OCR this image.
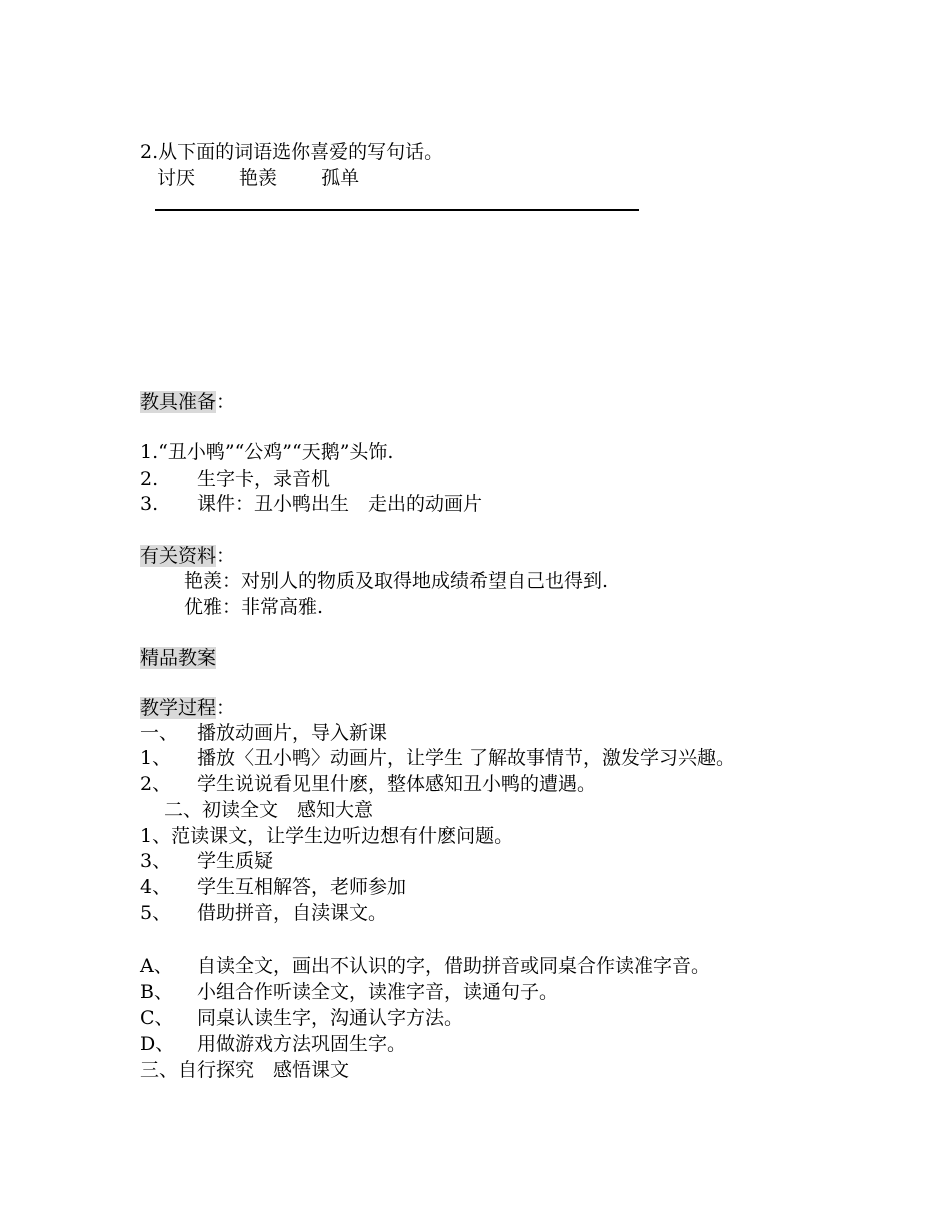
2.从下面的词语选你喜爱的写句话。
讨厌 艳羡 孤单
教具准备：
1.“丑小鸭”“公鸡”“天鹅”头饰.
2. 生字卡，录音机
3. 课件：丑小鸭出生　走出的动画片
有关资料：
艳羡：对别人的物质及取得地成绩希望自己也得到.
优雅：非常高雅.
精品教案
教学过程：
一、 播放动画片，导入新课
1、 播放〈丑小鸭〉动画片，让学生 了解故事情节，激发学习兴趣。
2、 学生说说看见里什麽，整体感知丑小鸭的遭遇。
二、初读全文　感知大意
1、范读课文，让学生边听边想有什麽问题。
3、 学生质疑
4、 学生互相解答，老师参加
5、 借助拼音，自渎课文。
A、 自读全文，画出不认识的字，借助拼音或同桌合作读准字音。
B、 小组合作听读全文，读准字音，读通句子。
C、 同桌认读生字，沟通认字方法。
D、 用做游戏方法巩固生字。
三、自行探究　感悟课文
